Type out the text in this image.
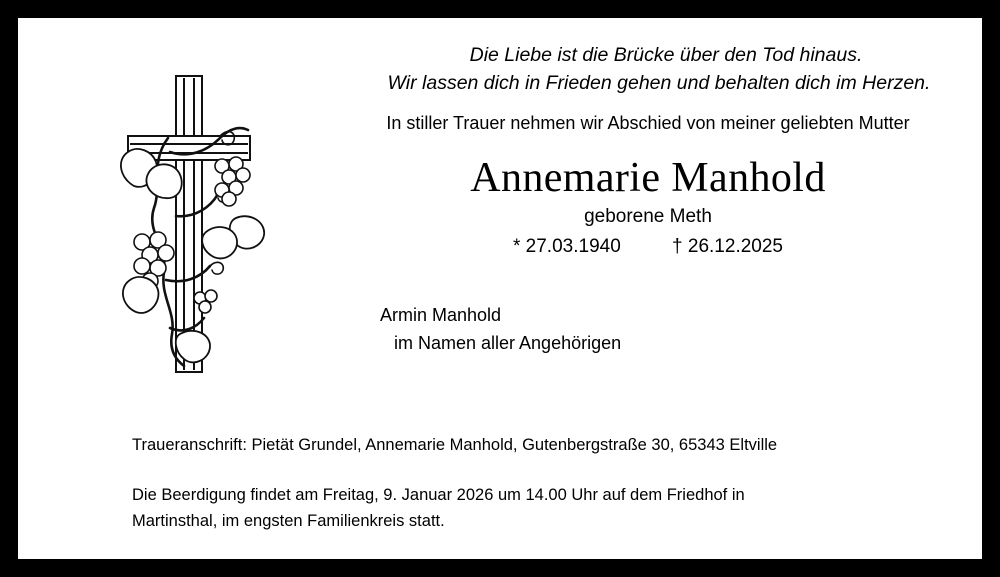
Die Liebe ist die Brücke über den Tod hinaus.
Wir lassen dich in Frieden gehen und behalten dich im Herzen.
In stiller Trauer nehmen wir Abschied von meiner geliebten Mutter
Annemarie Manhold
geborene Meth
* 27.03.1940	† 26.12.2025
Armin Manhold
im Namen aller Angehörigen
Traueranschrift: Pietät Grundel, Annemarie Manhold, Gutenbergstraße 30, 65343 Eltville
Die Beerdigung findet am Freitag, 9. Januar 2026 um 14.00 Uhr auf dem Friedhof in
Martinsthal, im engsten Familienkreis statt.
